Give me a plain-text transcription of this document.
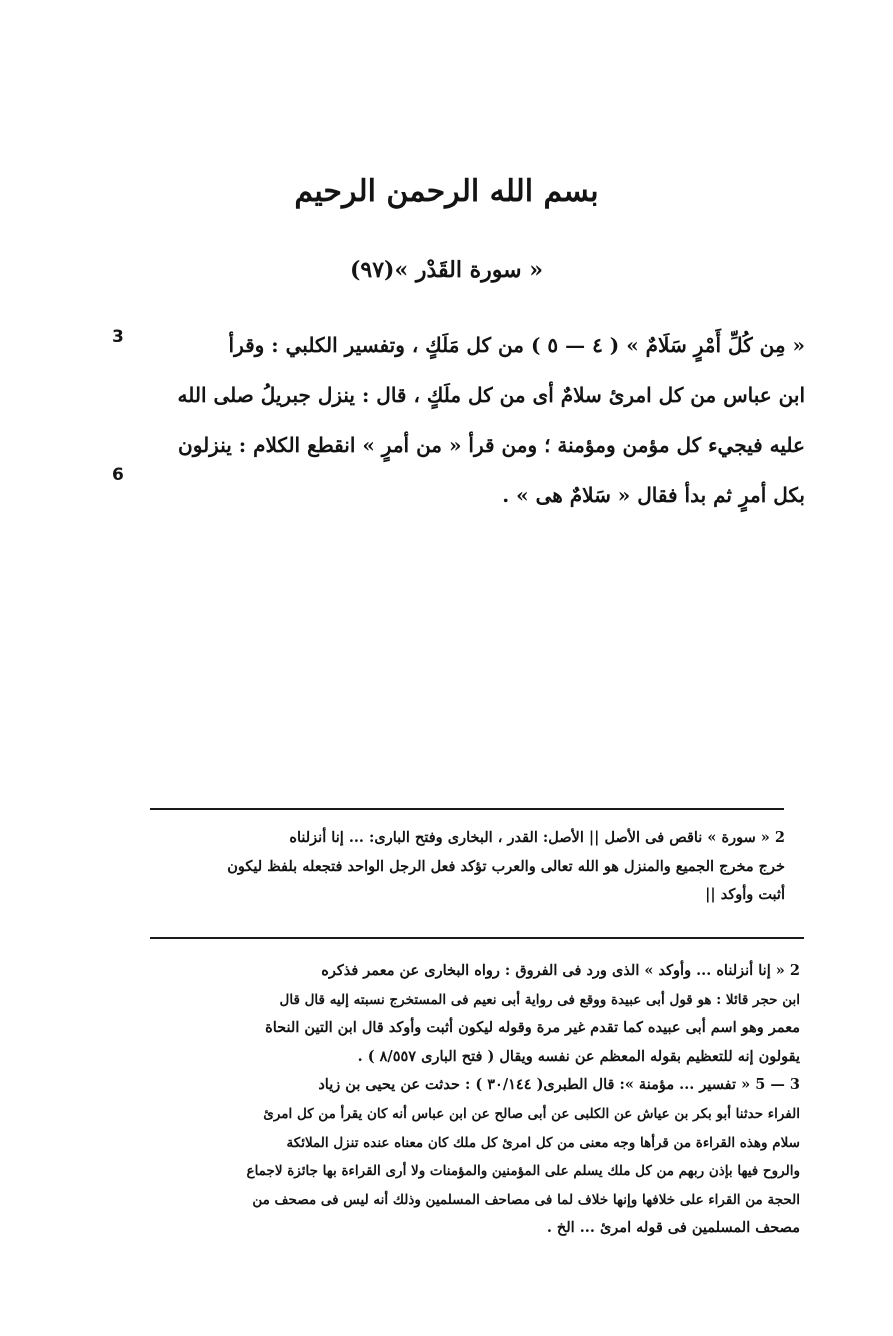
بسم الله الرحمن الرحيم
« سورة القَدْر »(٩٧)
3
6
« مِن كُلِّ أَمْرٍ سَلَامٌ » ( ٤ — ٥ ) من كل مَلَكٍ ، وتفسير الكلبي : وقرأ
ابن عباس من كل امرئ سلامٌ أى من كل ملَكٍ ، قال : ينزل جبريلُ صلى الله
عليه فيجيء كل مؤمن ومؤمنة ؛ ومن قرأ « من أمرٍ » انقطع الكلام : ينزلون
بكل أمرٍ ثم بدأ فقال « سَلامٌ هى » .
2 « سورة » ناقص فى الأصل || الأصل: القدر ، البخارى وفتح البارى: ... إنا أنزلناه
خرج مخرج الجميع والمنزل هو الله تعالى والعرب تؤكد فعل الرجل الواحد فتجعله بلفظ ليكون
أثبت وأوكد ||
2 « إنا أنزلناه ... وأوكد » الذى ورد فى الفروق : رواه البخارى عن معمر فذكره
ابن حجر قائلا : هو قول أبى عبيدة ووقع فى رواية أبى نعيم فى المستخرج نسبته إليه قال قال
معمر وهو اسم أبى عبيده كما تقدم غير مرة وقوله ليكون أثبت وأوكد قال ابن التين النحاة
يقولون إنه للتعظيم بقوله المعظم عن نفسه ويقال ( فتح البارى ٨/٥٥٧ ) .
3 — 5 « تفسير ... مؤمنة »: قال الطبرى( ٣٠/١٤٤ ) : حدثت عن يحيى بن زياد
الفراء حدثنا أبو بكر بن عياش عن الكلبى عن أبى صالح عن ابن عباس أنه كان يقرأ من كل امرئ
سلام وهذه القراءة من قرأها وجه معنى من كل امرئ كل ملك كان معناه عنده تنزل الملائكة
والروح فيها بإذن ربهم من كل ملك يسلم على المؤمنين والمؤمنات ولا أرى القراءة بها جائزة لاجماع
الحجة من القراء على خلافها وإنها خلاف لما فى مصاحف المسلمين وذلك أنه ليس فى مصحف من
مصحف المسلمين فى قوله امرئ ... الخ .
